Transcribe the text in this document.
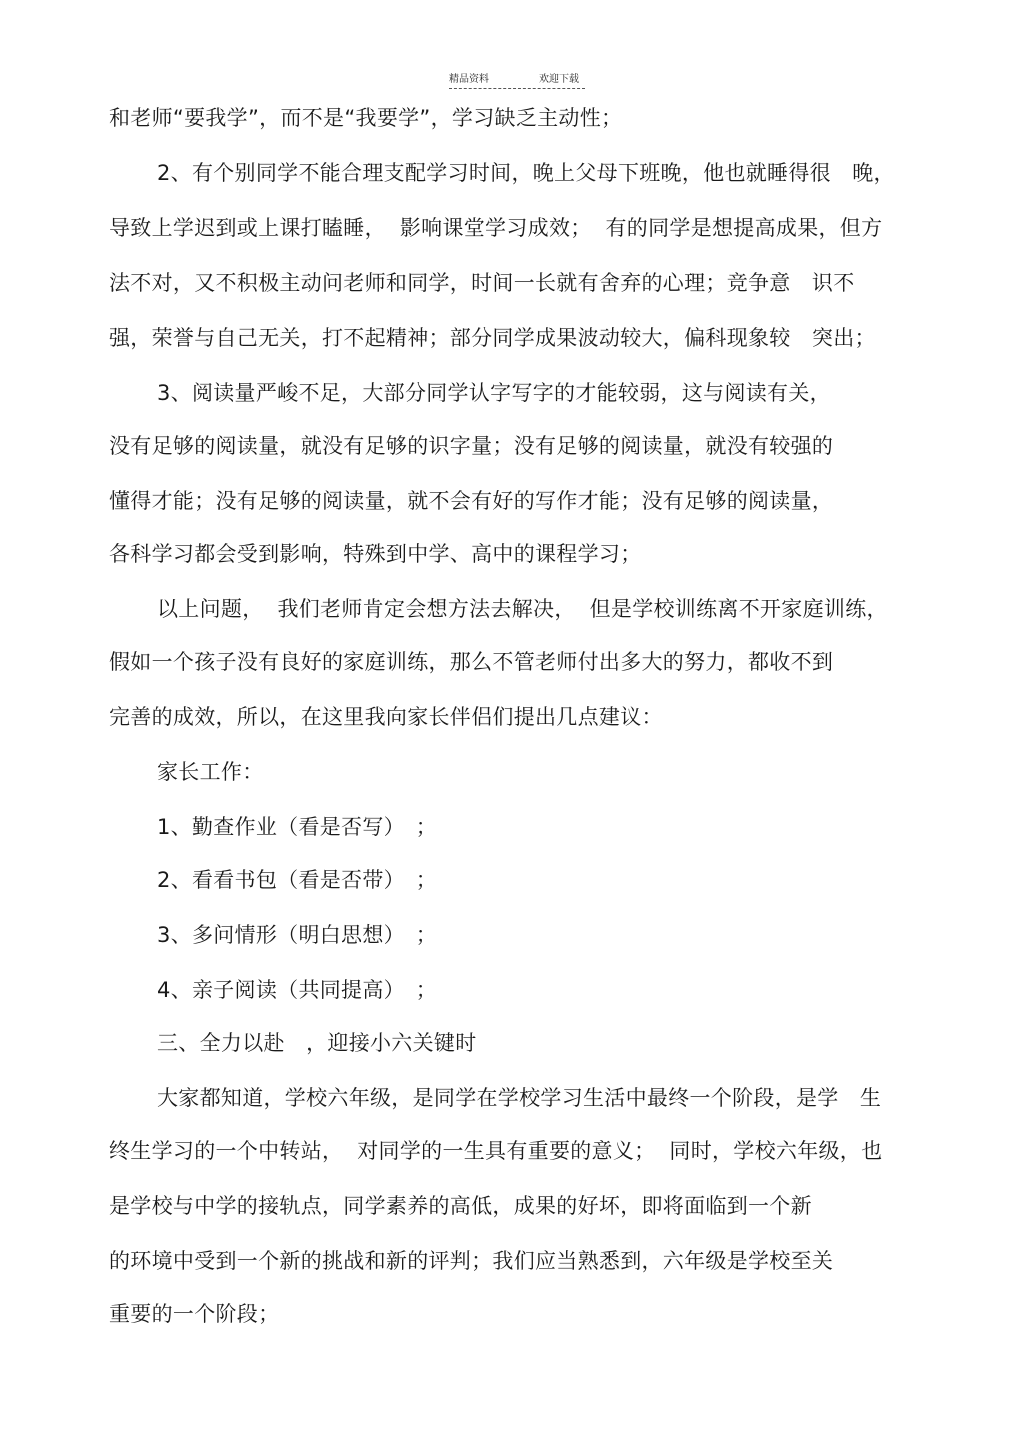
精品资料	欢迎下载
和老师“要我学”，而不是“我要学”，学习缺乏主动性；
2、有个别同学不能合理支配学习时间，晚上父母下班晚，他也就睡得很　晚，
导致上学迟到或上课打瞌睡，  影响课堂学习成效；  有的同学是想提高成果，但方
法不对，又不积极主动问老师和同学，时间一长就有舍弃的心理；竞争意　识不
强，荣誉与自己无关，打不起精神；部分同学成果波动较大，偏科现象较　突出；
3、阅读量严峻不足，大部分同学认字写字的才能较弱，这与阅读有关，
没有足够的阅读量，就没有足够的识字量；没有足够的阅读量，就没有较强的
懂得才能；没有足够的阅读量，就不会有好的写作才能；没有足够的阅读量，
各科学习都会受到影响，特殊到中学、高中的课程学习；
以上问题，  我们老师肯定会想方法去解决，  但是学校训练离不开家庭训练，
假如一个孩子没有良好的家庭训练，那么不管老师付出多大的努力，都收不到
完善的成效，所以，在这里我向家长伴侣们提出几点建议：
家长工作：
1、勤查作业（看是否写）　；
2、看看书包（看是否带）　；
3、多问情形（明白思想）　；
4、亲子阅读（共同提高）　；
三、全力以赴　，迎接小六关键时
大家都知道，学校六年级，是同学在学校学习生活中最终一个阶段，是学　生
终生学习的一个中转站，  对同学的一生具有重要的意义；  同时，学校六年级，也
是学校与中学的接轨点，同学素养的高低，成果的好坏，即将面临到一个新
的环境中受到一个新的挑战和新的评判；我们应当熟悉到，六年级是学校至关
重要的一个阶段；
